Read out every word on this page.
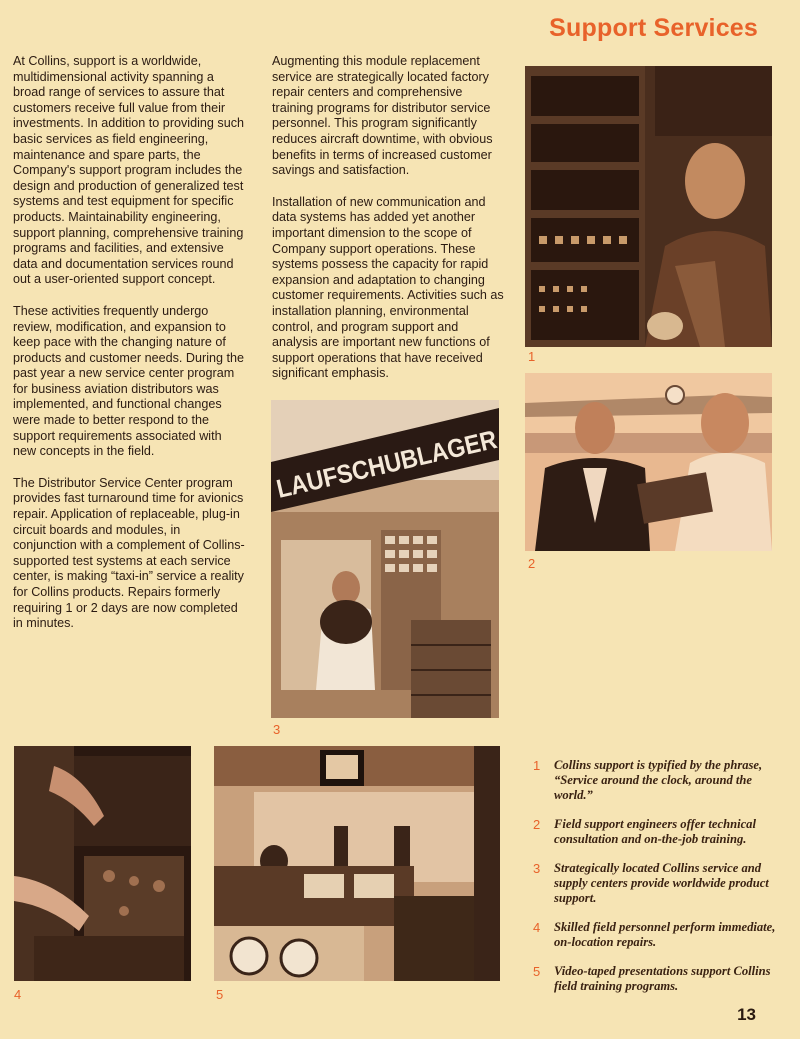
Support Services

At Collins, support is a worldwide, multidimensional activity spanning a broad range of services to assure that customers receive full value from their investments. In addition to providing such basic services as field engineering, maintenance and spare parts, the Company's support program includes the design and production of generalized test systems and test equipment for specific products. Maintainability engineering, support planning, comprehensive training programs and facilities, and extensive data and documentation services round out a user-oriented support concept.

These activities frequently undergo review, modification, and expansion to keep pace with the changing nature of products and customer needs. During the past year a new service center program for business aviation distributors was implemented, and functional changes were made to better respond to the support requirements associated with new concepts in the field.

The Distributor Service Center program provides fast turnaround time for avionics repair. Application of replaceable, plug-in circuit boards and modules, in conjunction with a complement of Collins-supported test systems at each service center, is making “taxi-in” service a reality for Collins products. Repairs formerly requiring 1 or 2 days are now completed in minutes.

Augmenting this module replacement service are strategically located factory repair centers and comprehensive training programs for distributor service personnel. This program significantly reduces aircraft downtime, with obvious benefits in terms of increased customer savings and satisfaction.

Installation of new communication and data systems has added yet another important dimension to the scope of Company support operations. These systems possess the capacity for rapid expansion and adaptation to changing customer requirements. Activities such as installation planning, environmental control, and program support and analysis are important new functions of support operations that have received significant emphasis.

1
2
LAUFSCHUBLAGER
3
4	5
1 Collins support is typified by the phrase, “Service around the clock, around the world.”
2 Field support engineers offer technical consultation and on-the-job training.
3 Strategically located Collins service and supply centers provide worldwide product support.
4 Skilled field personnel perform immediate, on-location repairs.
5 Video-taped presentations support Collins field training programs.
13
